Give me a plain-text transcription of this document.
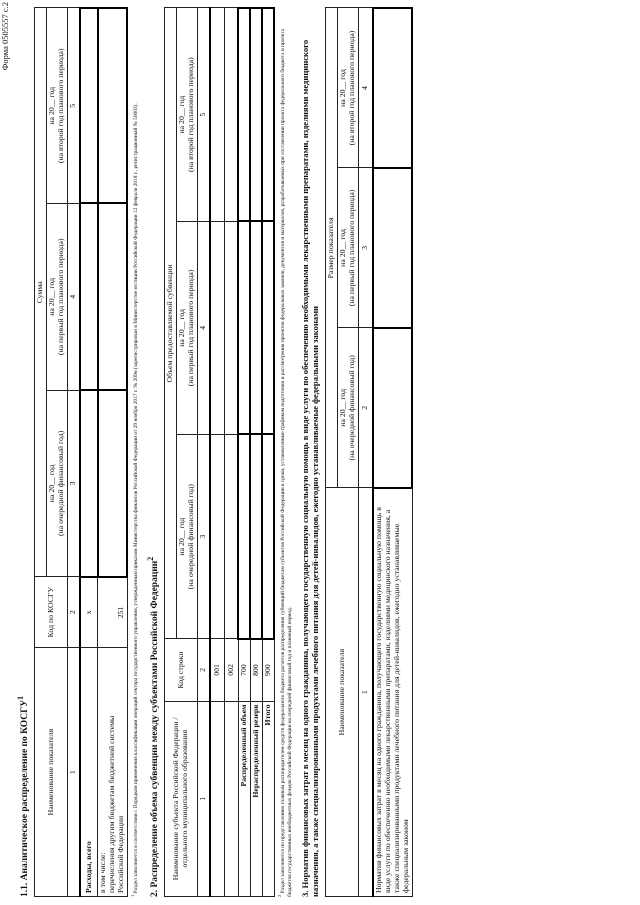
Форма 0505557 с.2

1.1. Аналитическое распределение по КОСГУ$^1$

Наименование показателя	Код по КОСГУ	Сумма		

		на 20__ год (на очередной финансовый год)	на 20__ год (на первый год планового периода)	на 20__ год (на второй год планового периода)

1	2	3	4	5
Расходы, всего	х			

в том числе: перечисления другим бюджетам бюджетной системы Российской Федерации	251			

$^1$ Раздел заполняется в соответствии с Порядком применения классификации операций сектора государственного управления, утвержденным приказом Министерства финансов Российской Федерации от 29 ноября 2017 г. № 209н (зарегистрирован в Министерстве юстиции Российской Федерации 12 февраля 2018 г., регистрационный № 50003).	2. Распределение объема субвенции между субъектами Российской Федерации$^2$

Наименование субъекта Российской Федерации / отдельного муниципального образования	Код строки	Объем предоставляемой субвенции		

		на 20__ год (на очередной финансовый год)	на 20__ год (на первый год планового периода)	на 20__ год (на второй год планового периода)

1	2	3	4	5
	001			
	002			
Распределенный объем	700			
Нераспределенный резерв	800			
Итого	900			

$^2$ Раздел заполняется по представлению главным распорядителем средств федерального бюджета расчетов распределения субвенций бюджетам субъектов Российской Федерации в сроки, установленные графиком подготовки и рассмотрения проектов федеральных законов, документов и материалов, разрабатываемых при составлении проекта федерального бюджета и проекта бюджетов государственных внебюджетных фондов Российской Федерации на очередной финансовый год и плановый период. 3. Норматив финансовых затрат в месяц на одного гражданина, получающего государственную социальную помощь в виде услуги по обеспечению необходимыми лекарственными препаратами, изделиями медицинского назначения, а также специализированными продуктами лечебного питания для детей-инвалидов, ежегодно устанавливаемые федеральными законами Наименование показателя	Размер показателя		

	на 20__ год (на очередной финансовый год)	на 20__ год (на первый год планового периода)	на 20__ год (на второй год планового периода)

1	2	3	4
Норматив финансовых затрат в месяц на одного гражданина, получающего государственную социальную помощь в виде услуги по обеспечению необходимыми лекарственными препаратами, изделиями медицинского назначения, а также специализированными продуктами лечебного питания для детей-инвалидов, ежегодно устанавливаемые федеральным законом			
